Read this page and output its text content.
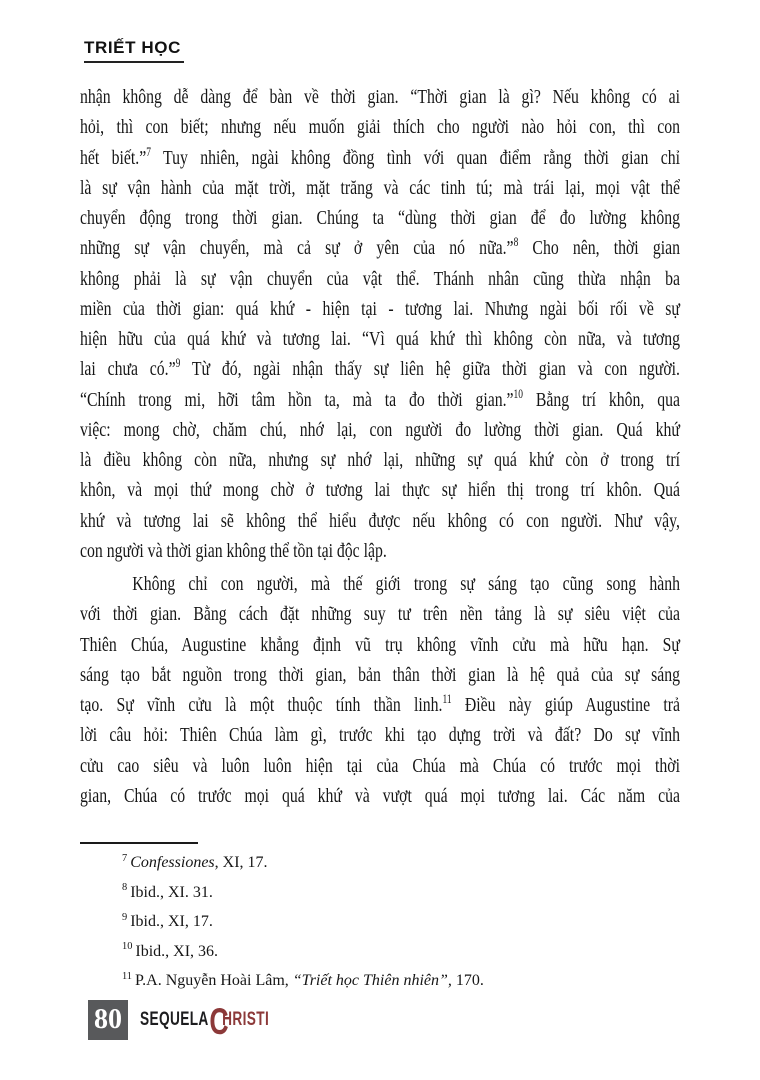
TRIẾT HỌC
nhận không dễ dàng để bàn về thời gian. “Thời gian là gì? Nếu không có ai
hỏi, thì con biết; nhưng nếu muốn giải thích cho người nào hỏi con, thì con
hết biết.”$^7$ Tuy nhiên, ngài không đồng tình với quan điểm rằng thời gian chỉ
là sự vận hành của mặt trời, mặt trăng và các tinh tú; mà trái lại, mọi vật thể
chuyển động trong thời gian. Chúng ta “dùng thời gian để đo lường không
những sự vận chuyển, mà cả sự ở yên của nó nữa.”$^8$ Cho nên, thời gian
không phải là sự vận chuyển của vật thể. Thánh nhân cũng thừa nhận ba
miền của thời gian: quá khứ - hiện tại - tương lai. Nhưng ngài bối rối về sự
hiện hữu của quá khứ và tương lai. “Vì quá khứ thì không còn nữa, và tương
lai chưa có.”$^9$ Từ đó, ngài nhận thấy sự liên hệ giữa thời gian và con người.
“Chính trong mi, hỡi tâm hồn ta, mà ta đo thời gian.”$^{10}$ Bằng trí khôn, qua
việc: mong chờ, chăm chú, nhớ lại, con người đo lường thời gian. Quá khứ
là điều không còn nữa, nhưng sự nhớ lại, những sự quá khứ còn ở trong trí
khôn, và mọi thứ mong chờ ở tương lai thực sự hiển thị trong trí khôn. Quá
khứ và tương lai sẽ không thể hiểu được nếu không có con người. Như vậy,
con người và thời gian không thể tồn tại độc lập.
Không chỉ con người, mà thế giới trong sự sáng tạo cũng song hành
với thời gian. Bằng cách đặt những suy tư trên nền tảng là sự siêu việt của
Thiên Chúa, Augustine khẳng định vũ trụ không vĩnh cửu mà hữu hạn. Sự
sáng tạo bắt nguồn trong thời gian, bản thân thời gian là hệ quả của sự sáng
tạo. Sự vĩnh cửu là một thuộc tính thần linh.$^{11}$ Điều này giúp Augustine trả
lời câu hỏi: Thiên Chúa làm gì, trước khi tạo dựng trời và đất? Do sự vĩnh
cửu cao siêu và luôn luôn hiện tại của Chúa mà Chúa có trước mọi thời
gian, Chúa có trước mọi quá khứ và vượt quá mọi tương lai. Các năm của
$^7$ Confessiones, XI, 17.
$^8$ Ibid., XI. 31.
$^9$ Ibid., XI, 17.
$^{10}$ Ibid., XI, 36.
$^{11}$ P.A. Nguyễn Hoài Lâm, “Triết học Thiên nhiên”, 170.
80 SEQUELA C
HRISTI
